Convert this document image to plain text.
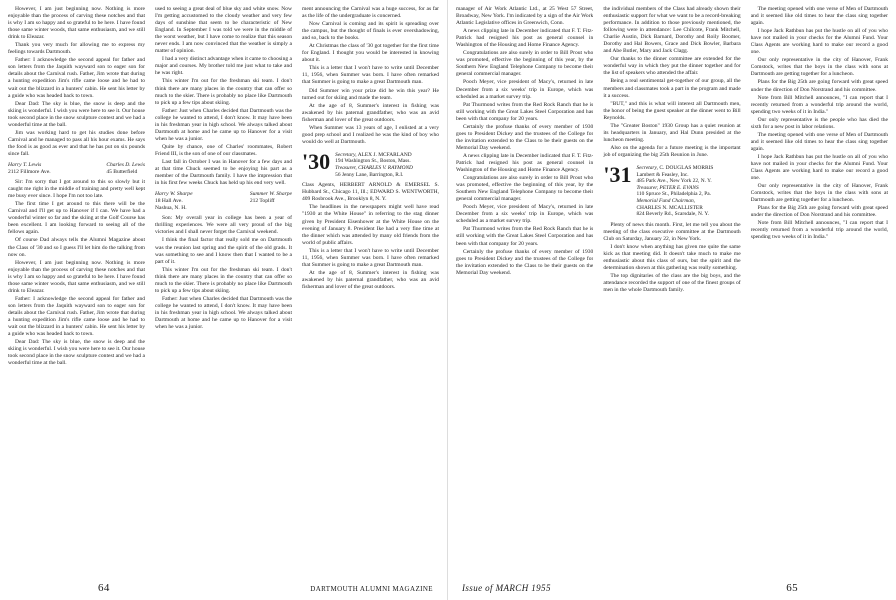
However, I am just beginning now. Nothing is more enjoyable than the process of carving these notches and that is why I am so happy and so grateful to be here. I have found those same winter woods, that same enthusiasm, and we still drink to Eleazar.

Thank you very much for allowing me to express my feelings towards Dartmouth.

Father: I acknowledge the second appeal for father and son letters from the Jaquith wayward son to eager son for details about the Carnival rush. Father, Jim wrote that during a hunting expedition Jim's rifle came loose and he had to wait out the blizzard in a hunters' cabin. He sent his letter by a guide who was headed back to town.

Dear Dad: The sky is blue, the snow is deep and the skiing is wonderful. I wish you were here to see it. Our house took second place in the snow sculpture contest and we had a wonderful time at the ball.

Jim was working hard to get his studies done before Carnival and he managed to pass all his hour exams. He says the food is as good as ever and that he has put on six pounds since fall.

Harry T. Lewis
2112 Fillmore Ave.

Charles D. Lewis
45 Butterfield

Sir: I'm sorry that I got around to this so slowly but it caught me right in the middle of training and pretty well kept me busy ever since. I hope I'm not too late.

The first time I get around to this there will be the Carnival and I'll get up to Hanover if I can. We have had a wonderful winter so far and the skiing at the Golf Course has been excellent. I am looking forward to seeing all of the fellows again.

Of course Dad always tells the Alumni Magazine about the Class of '30 and so I guess I'll let him do the talking from now on.

However, I am just beginning now. Nothing is more enjoyable than the process of carving these notches and that is why I am so happy and so grateful to be here. I have found those same winter woods, that same enthusiasm, and we still drink to Eleazar.

Father: I acknowledge the second appeal for father and son letters from the Jaquith wayward son to eager son for details about the Carnival rush. Father, Jim wrote that during a hunting expedition Jim's rifle came loose and he had to wait out the blizzard in a hunters' cabin. He sent his letter by a guide who was headed back to town.

Dear Dad: The sky is blue, the snow is deep and the skiing is wonderful. I wish you were here to see it. Our house took second place in the snow sculpture contest and we had a wonderful time at the ball.

used to seeing a great deal of blue sky and white snow. Now I'm getting accustomed to the cloudy weather and very few days of sunshine that seem to be characteristic of New England. In September I was told we were in the middle of the worst weather, but I have come to realize that this season never ends. I am now convinced that the weather is simply a matter of opinion.

I had a very distinct advantage when it came to choosing a major and courses. My brother told me just what to take and he was right.

This winter I'm out for the freshman ski team. I don't think there are many places in the country that can offer so much to the skier. There is probably no place like Dartmouth to pick up a few tips about skiing.

Father: Just when Charles decided that Dartmouth was the college he wanted to attend, I don't know. It may have been in his freshman year in high school. We always talked about Dartmouth at home and he came up to Hanover for a visit when he was a junior.

Quite by chance, one of Charles' roommates, Robert Friend III, is the son of one of our classmates.

Last fall in October I was in Hanover for a few days and at that time Chuck seemed to be enjoying his part as a member of the Dartmouth family. I have the impression that in his first few weeks Chuck has held up his end very well.

Harry W. Sharpe
18 Hall Ave.
Nashua, N. H.

Summer W. Sharpe
212 Topliff

Son: My overall year in college has been a year of thrilling experiences. We were all very proud of the big victories and I shall never forget the Carnival weekend.

I think the final factor that really sold me on Dartmouth was the reunion last spring and the spirit of the old grads. It was something to see and I know then that I wanted to be a part of it.

This winter I'm out for the freshman ski team. I don't think there are many places in the country that can offer so much to the skier. There is probably no place like Dartmouth to pick up a few tips about skiing.

Father: Just when Charles decided that Dartmouth was the college he wanted to attend, I don't know. It may have been in his freshman year in high school. We always talked about Dartmouth at home and he came up to Hanover for a visit when he was a junior.

ment announcing the Carnival was a huge success, for as far as the life of the undergraduate is concerned.

Now Carnival is coming and its spirit is spreading over the campus, but the thought of finals is ever overshadowing, and so, back to the books.

At Christmas the class of '30 got together for the first time for England. I thought you would be interested in knowing about it.

This is a letter that I won't have to write until December 11, 1956, when Summer was born. I have often remarked that Summer is going to make a great Dartmouth man.

Did Summer win your prize did he win this year? He turned out for skiing and made the team.

At the age of 8, Summer's interest in fishing was awakened by his paternal grandfather, who was an avid fisherman and lover of the great outdoors.

When Summer was 13 years of age, I enlisted at a very good prep school and I realized he was the kind of boy who would do well at Dartmouth.

'30 Secretary, ALEX J. MCFARLAND
194 Washington St., Boston, Mass.
Treasurer, CHARLES V. RAYMOND
56 Jenny Lane, Barrington, R.I.

Class Agents, HERBERT ARNOLD & EMERSEL S. Hubbard St., Chicago 11, Ill.; EDWARD S. WENTWORTH, 409 Rosbrook Ave., Brooklyn 8, N. Y.

The headlines in the newspapers might well have read "1930 at the White House" in referring to the stag dinner given by President Eisenhower at the White House on the evening of January 8. President Ike had a very fine time at the dinner which was attended by many old friends from the world of public affairs.

This is a letter that I won't have to write until December 11, 1956, when Summer was born. I have often remarked that Summer is going to make a great Dartmouth man.

At the age of 8, Summer's interest in fishing was awakened by his paternal grandfather, who was an avid fisherman and lover of the great outdoors.

64	DARTMOUTH ALUMNI MAGAZINE

manager of Air Work Atlantic Ltd., at 25 West 57 Street, Broadway, New York. I'm indicated by a sign of the Air Work Atlantic Legislative offices in Greenwich, Conn.

A news clipping late in December indicated that F. T. Fitz-Patrick had resigned his post as general counsel in Washington of the Housing and Home Finance Agency.

Congratulations are also surely in order to Bill Prout who was promoted, effective the beginning of this year, by the Southern New England Telephone Company to become their general commercial manager.

Pooch Meyer, vice president of Macy's, returned in late December from a six weeks' trip in Europe, which was scheduled as a market survey trip.

Pat Thurmond writes from the Red Rock Ranch that he is still working with the Great Lakes Steel Corporation and has been with that company for 20 years.

Certainly the profuse thanks of every member of 1930 goes to President Dickey and the trustees of the College for the invitation extended to the Class to be their guests on the Memorial Day weekend.

A news clipping late in December indicated that F. T. Fitz-Patrick had resigned his post as general counsel in Washington of the Housing and Home Finance Agency.

Congratulations are also surely in order to Bill Prout who was promoted, effective the beginning of this year, by the Southern New England Telephone Company to become their general commercial manager.

Pooch Meyer, vice president of Macy's, returned in late December from a six weeks' trip in Europe, which was scheduled as a market survey trip.

Pat Thurmond writes from the Red Rock Ranch that he is still working with the Great Lakes Steel Corporation and has been with that company for 20 years.

Certainly the profuse thanks of every member of 1930 goes to President Dickey and the trustees of the College for the invitation extended to the Class to be their guests on the Memorial Day weekend.

the individual members of the Class had already shown their enthusiastic support for what we want to be a record-breaking performance. In addition to those previously mentioned, the following were in attendance: Lee Chilcote, Frank Mitchell, Charlie Austin, Dick Barnard, Dorothy and Roily Boomer, Dorothy and Hal Bowers, Grace and Dick Bowler, Barbara and Abe Butler, Mary and Jack Clagg.

Our thanks to the dinner committee are extended for the wonderful way in which they put the dinner together and for the list of speakers who attended the affair.

Being a real sentimental get-together of our group, all the members and classmates took a part in the program and made it a success.

"BUT," and this is what will interest all Dartmouth men, the honor of being the guest speaker at the dinner went to Bill Reynolds.

The "Greater Boston" 1930 Group has a quiet reunion at its headquarters in January, and Hal Dunn presided at the luncheon meeting.

Also on the agenda for a future meeting is the important job of organizing the big 25th Reunion in June.

'31 Secretary, C. DOUGLAS MORRIS
Lambert & Feasley, Inc.
485 Park Ave., New York 22, N. Y.
Treasurer, PETER E. EVANS
110 Spruce St., Philadelphia 2, Pa.
Memorial Fund Chairman,
CHARLES N. MCALLISTER
824 Beverly Rd., Scarsdale, N. Y.

Plenty of news this month. First, let me tell you about the meeting of the class executive committee at the Dartmouth Club on Saturday, January 22, in New York.

I don't know when anything has given me quite the same kick as that meeting did. It doesn't take much to make me enthusiastic about this class of ours, but the spirit and the determination shown at this gathering was really something.

The top dignitaries of the class are the big boys, and the attendance recorded the support of one of the finest groups of men in the whole Dartmouth family.

The meeting opened with one verse of Men of Dartmouth and it seemed like old times to hear the class sing together again.

I hope Jack Rathbun has put the hustle on all of you who have not mailed in your checks for the Alumni Fund. Your Class Agents are working hard to make our record a good one.

Our only representative in the city of Hanover, Frank Comstock, writes that the boys in the class with sons at Dartmouth are getting together for a luncheon.

Plans for the Big 25th are going forward with great speed under the direction of Don Norstrand and his committee.

Note from Bill Mitchell announces, "I can report that I recently returned from a wonderful trip around the world, spending two weeks of it in India."

Our only representative is the people who has died the sixth for a new post in labor relations.

The meeting opened with one verse of Men of Dartmouth and it seemed like old times to hear the class sing together again.

I hope Jack Rathbun has put the hustle on all of you who have not mailed in your checks for the Alumni Fund. Your Class Agents are working hard to make our record a good one.

Our only representative in the city of Hanover, Frank Comstock, writes that the boys in the class with sons at Dartmouth are getting together for a luncheon.

Plans for the Big 25th are going forward with great speed under the direction of Don Norstrand and his committee.

Note from Bill Mitchell announces, "I can report that I recently returned from a wonderful trip around the world, spending two weeks of it in India."

Issue of MARCH 1955	65
